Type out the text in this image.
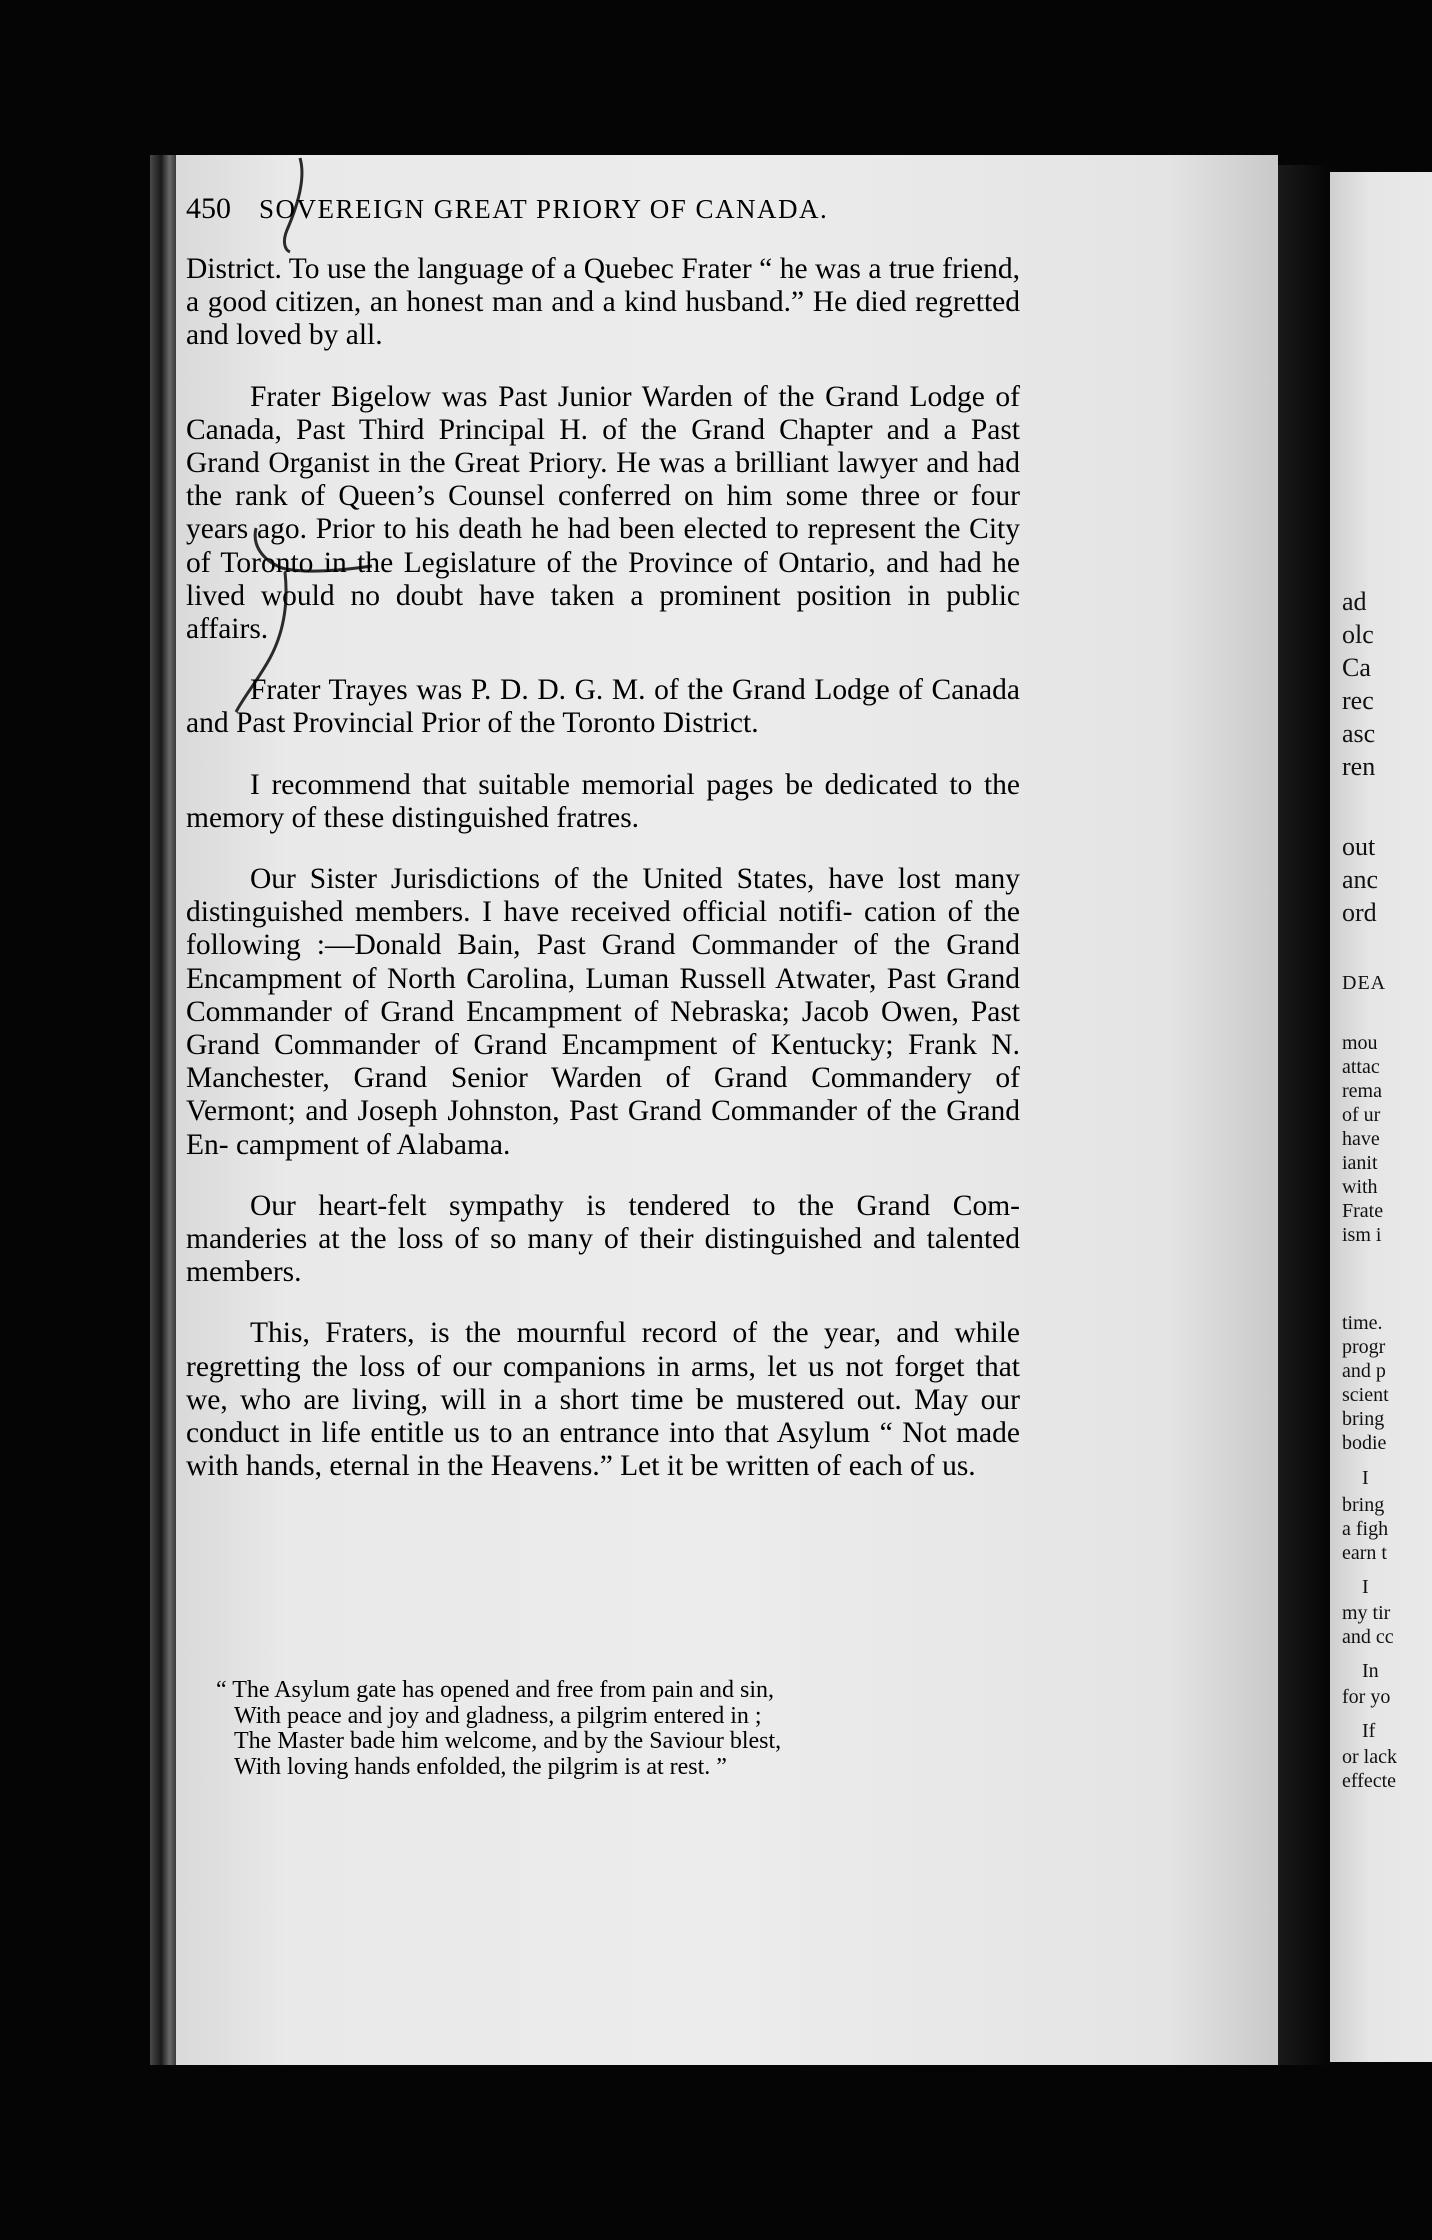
450 SOVEREIGN GREAT PRIORY OF CANADA.

District. To use the language of a Quebec Frater “ he was a true friend, a good citizen, an honest man and a kind husband.” He died regretted and loved by all.

Frater Bigelow was Past Junior Warden of the Grand Lodge of Canada, Past Third Principal H. of the Grand Chapter and a Past Grand Organist in the Great Priory. He was a brilliant lawyer and had the rank of Queen’s Counsel conferred on him some three or four years ago. Prior to his death he had been elected to represent the City of Toronto in the Legislature of the Province of Ontario, and had he lived would no doubt have taken a prominent position in public affairs.

Frater Trayes was P. D. D. G. M. of the Grand Lodge of Canada and Past Provincial Prior of the Toronto District.

I recommend that suitable memorial pages be dedicated to the memory of these distinguished fratres.

Our Sister Jurisdictions of the United States, have lost many distinguished members. I have received official notifi- cation of the following :—Donald Bain, Past Grand Commander of the Grand Encampment of North Carolina, Luman Russell Atwater, Past Grand Commander of Grand Encampment of Nebraska; Jacob Owen, Past Grand Commander of Grand Encampment of Kentucky; Frank N. Manchester, Grand Senior Warden of Grand Commandery of Vermont; and Joseph Johnston, Past Grand Commander of the Grand En- campment of Alabama.

Our heart-felt sympathy is tendered to the Grand Com- manderies at the loss of so many of their distinguished and talented members.

This, Fraters, is the mournful record of the year, and while regretting the loss of our companions in arms, let us not forget that we, who are living, will in a short time be mustered out. May our conduct in life entitle us to an entrance into that Asylum “ Not made with hands, eternal in the Heavens.” Let it be written of each of us.

“ The Asylum gate has opened and free from pain and sin,
With peace and joy and gladness, a pilgrim entered in ;
The Master bade him welcome, and by the Saviour blest,
With loving hands enfolded, the pilgrim is at rest. ”
ad
olc
Ca
rec
asc
ren
out
anc
ord
DEA
mou
attac
rema
of ur
have
ianit
with
Frate
ism i
time.
progr
and p
scient
bring
bodie
I
bring
a figh
earn t
I
my tir
and cc
In
for yo
If
or lack
effecte
